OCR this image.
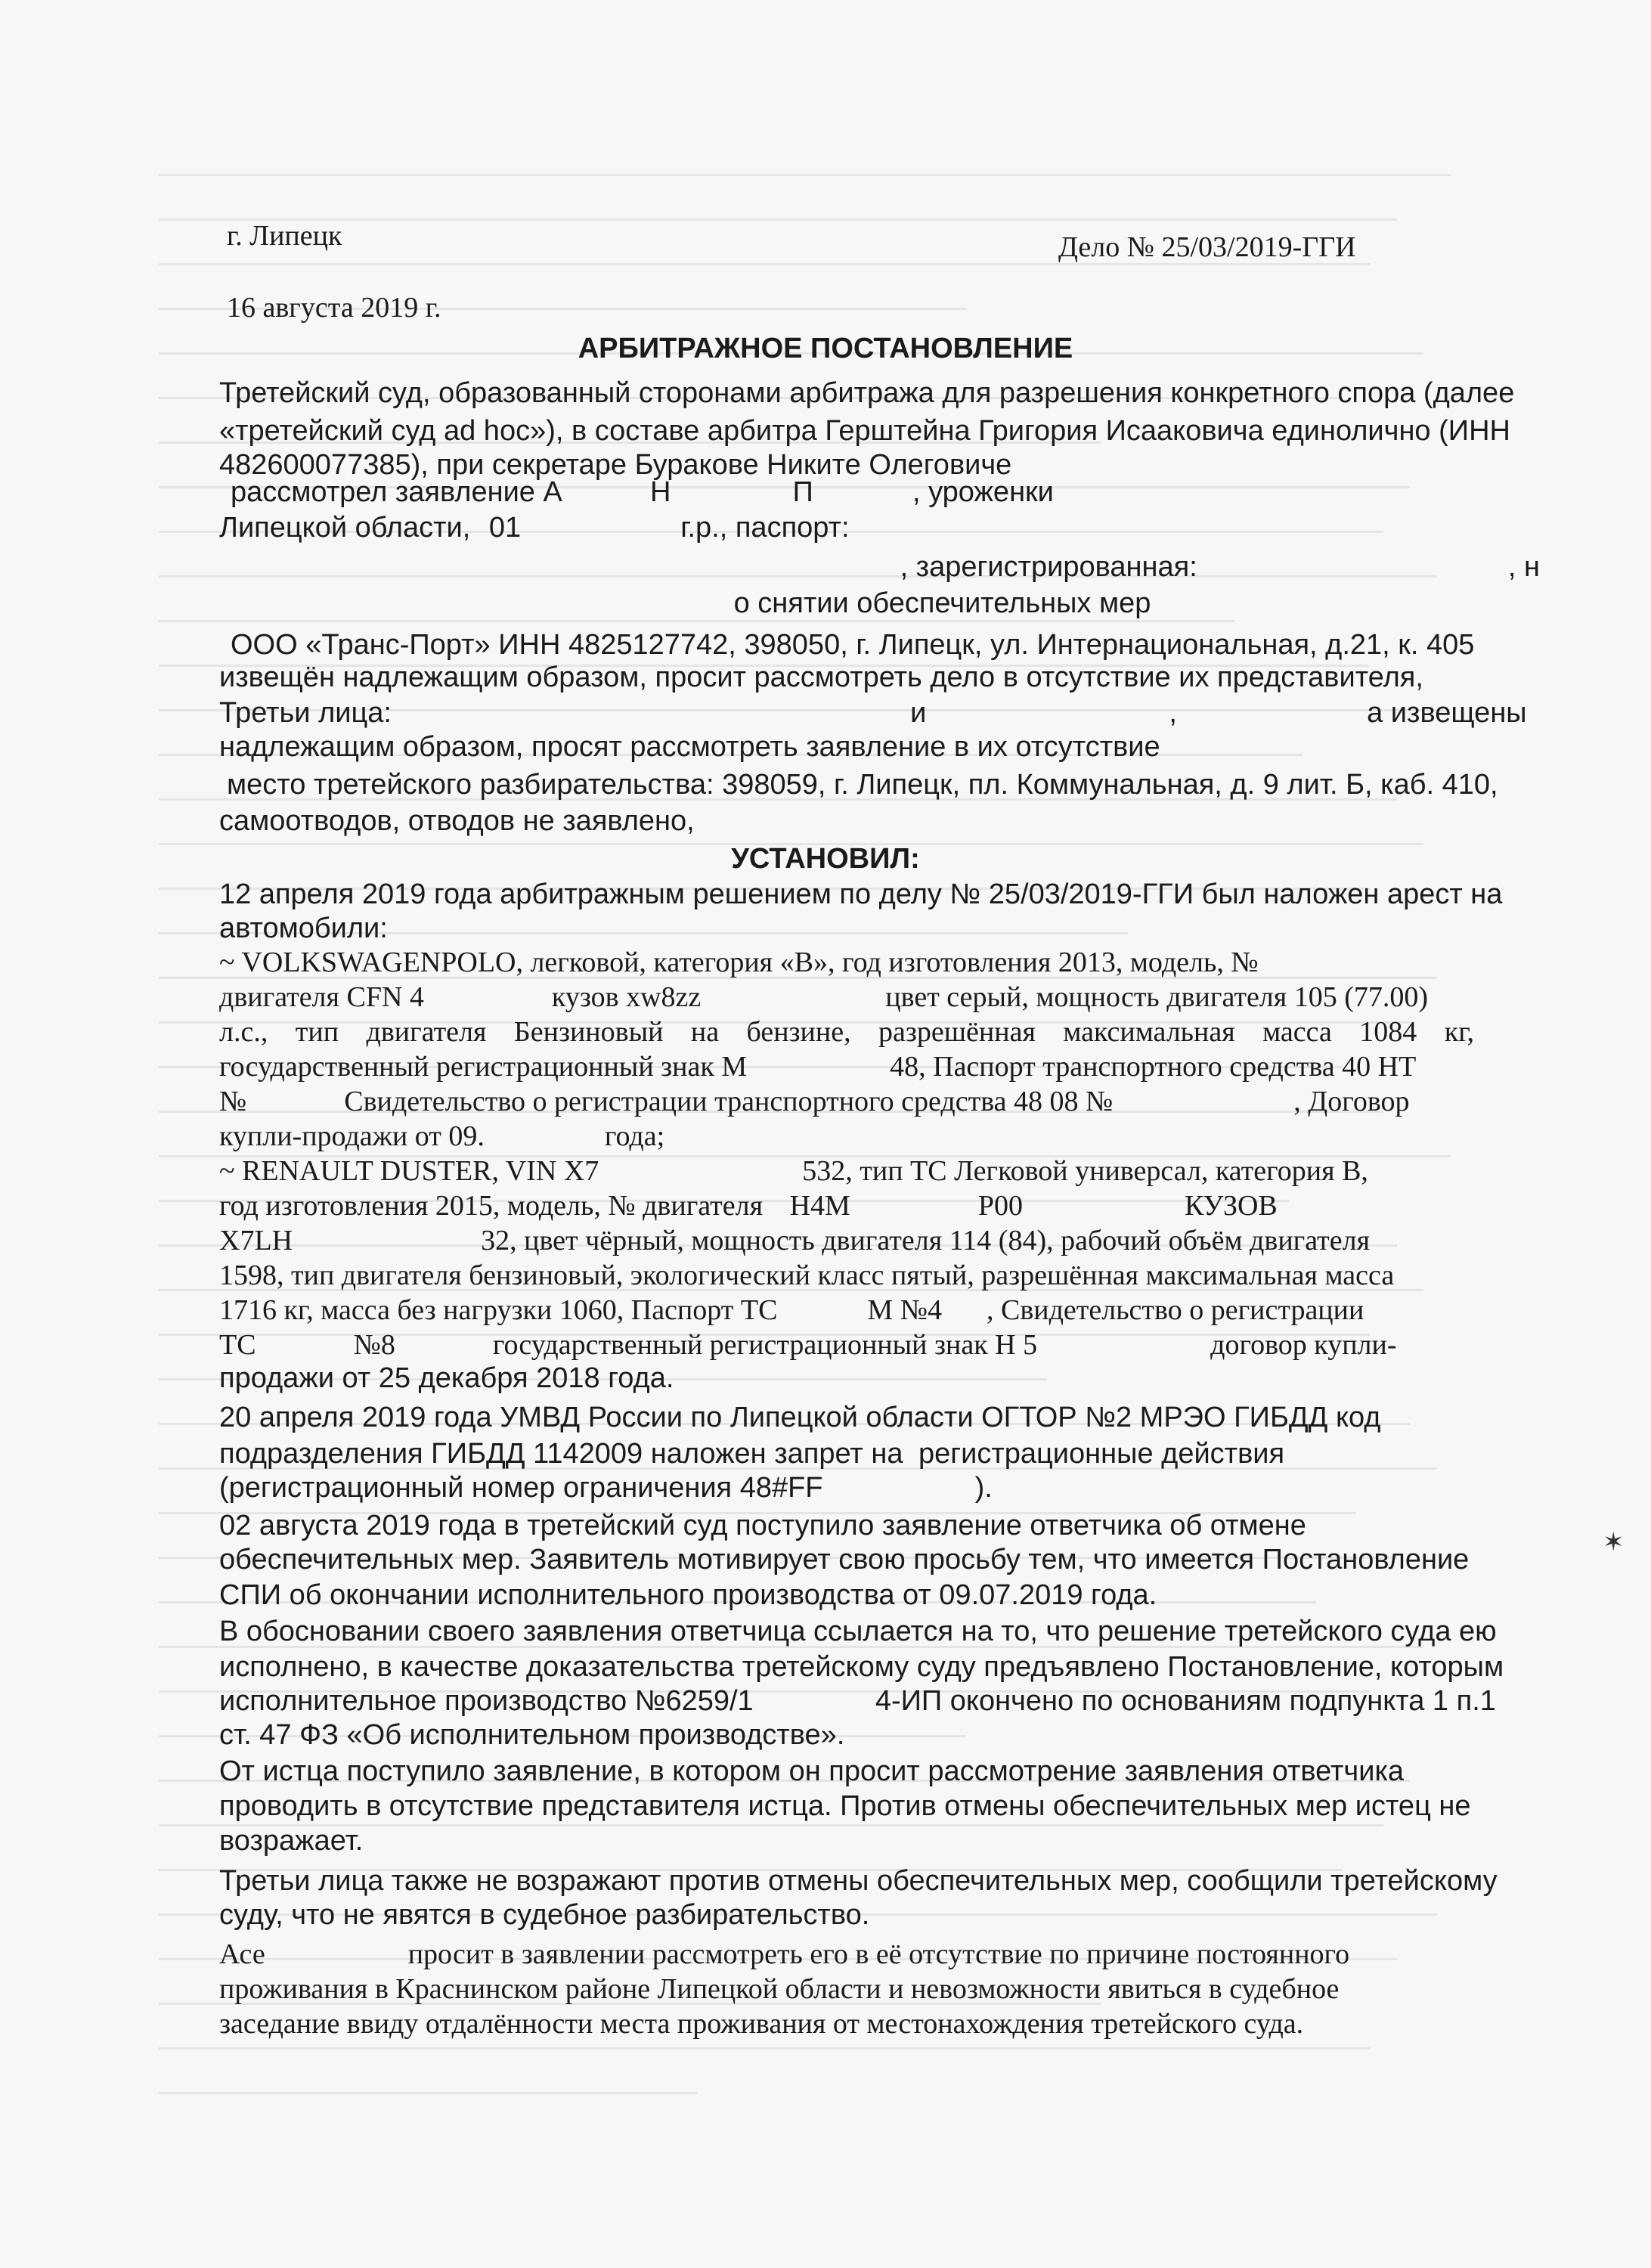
г. Липецк	Дело № 25/03/2019-ГГИ
16 августа 2019 г.
АРБИТРАЖНОЕ ПОСТАНОВЛЕНИЕ
Третейский суд, образованный сторонами арбитража для разрешения конкретного спора (далее
«третейский суд ad hoc»), в составе арбитра Герштейна Григория Исааковича единолично (ИНН
482600077385), при секретаре Буракове Никите Олеговиче
рассмотрел заявление А	Н	П	, уроженки
Липецкой области, 01	г.р., паспорт:
, зарегистрированная:	, н
о снятии обеспечительных мер
ООО «Транс-Порт» ИНН 4825127742, 398050, г. Липецк, ул. Интернациональная, д.21, к. 405
извещён надлежащим образом, просит рассмотреть дело в отсутствие их представителя,
Третьи лица:	и	,	а извещены
надлежащим образом, просят рассмотреть заявление в их отсутствие
место третейского разбирательства: 398059, г. Липецк, пл. Коммунальная, д. 9 лит. Б, каб. 410,
самоотводов, отводов не заявлено,
УСТАНОВИЛ:
12 апреля 2019 года арбитражным решением по делу № 25/03/2019-ГГИ был наложен арест на
автомобили:
~ VOLKSWAGENPOLO, легковой, категория «В», год изготовления 2013, модель, №
двигателя CFN 4	кузов xw8zz	цвет серый, мощность двигателя 105 (77.00)
л.с., тип двигателя Бензиновый на бензине, разрешённая максимальная масса 1084 кг,
государственный регистрационный знак М	48, Паспорт транспортного средства 40 НТ
№	Свидетельство о регистрации транспортного средства 48 08 №	, Договор
купли-продажи от 09.	года;
~ RENAULT DUSTER, VIN X7	532, тип ТС Легковой универсал, категория В,
год изготовления 2015, модель, № двигателя H4M	P00	КУЗОВ
X7LH	32, цвет чёрный, мощность двигателя 114 (84), рабочий объём двигателя
1598, тип двигателя бензиновый, экологический класс пятый, разрешённая максимальная масса
1716 кг, масса без нагрузки 1060, Паспорт ТС	M №4 , Свидетельство о регистрации
ТС	№8	государственный регистрационный знак Н 5	договор купли-
продажи от 25 декабря 2018 года.
20 апреля 2019 года УМВД России по Липецкой области ОГТОР №2 МРЭО ГИБДД код
подразделения ГИБДД 1142009 наложен запрет на регистрационные действия
(регистрационный номер ограничения 48#FF	).
02 августа 2019 года в третейский суд поступило заявление ответчика об отмене
обеспечительных мер. Заявитель мотивирует свою просьбу тем, что имеется Постановление
СПИ об окончании исполнительного производства от 09.07.2019 года.
В обосновании своего заявления ответчица ссылается на то, что решение третейского суда ею
исполнено, в качестве доказательства третейскому суду предъявлено Постановление, которым
исполнительное производство №6259/1	4-ИП окончено по основаниям подпункта 1 п.1
ст. 47 ФЗ «Об исполнительном производстве».
От истца поступило заявление, в котором он просит рассмотрение заявления ответчика
проводить в отсутствие представителя истца. Против отмены обеспечительных мер истец не
возражает.
Третьи лица также не возражают против отмены обеспечительных мер, сообщили третейскому
суду, что не явятся в судебное разбирательство.
Асе	просит в заявлении рассмотреть его в её отсутствие по причине постоянного
проживания в Краснинском районе Липецкой области и невозможности явиться в судебное
заседание ввиду отдалённости места проживания от местонахождения третейского суда.
✶
